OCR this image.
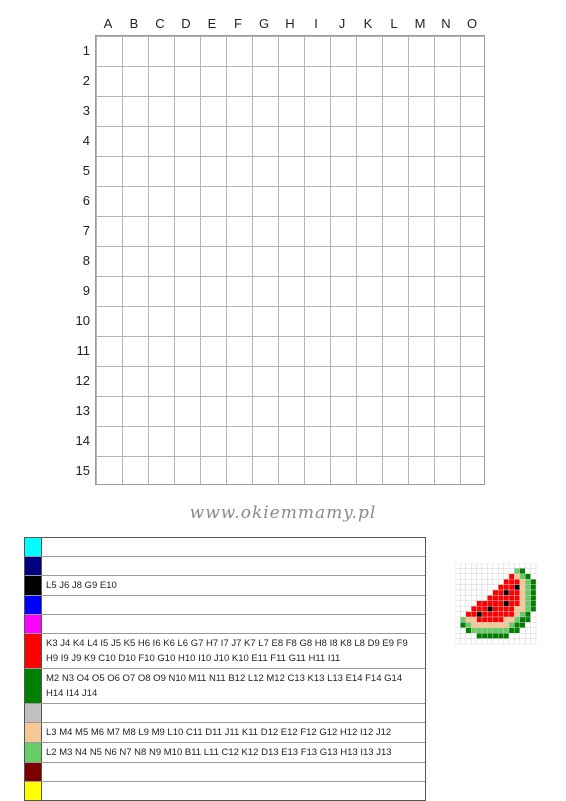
A	B	C	D	E	F	G	H	I	J	K	L	M	N	O
1
2
3
4
5
6
7
8
9
10
11
12
13
14
15
www.okiemmamy.pl
L5 J6 J8 G9 E10
K3 J4 K4 L4 I5 J5 K5 H6 I6 K6 L6 G7 H7 I7 J7 K7 L7 E8 F8 G8 H8 I8 K8 L8 D9 E9 F9 H9 I9 J9 K9 C10 D10 F10 G10 H10 I10 J10 K10 E11 F11 G11 H11 I11
M2 N3 O4 O5 O6 O7 O8 O9 N10 M11 N11 B12 L12 M12 C13 K13 L13 E14 F14 G14 H14 I14 J14
L3 M4 M5 M6 M7 M8 L9 M9 L10 C11 D11 J11 K11 D12 E12 F12 G12 H12 I12 J12
L2 M3 N4 N5 N6 N7 N8 N9 M10 B11 L11 C12 K12 D13 E13 F13 G13 H13 I13 J13
